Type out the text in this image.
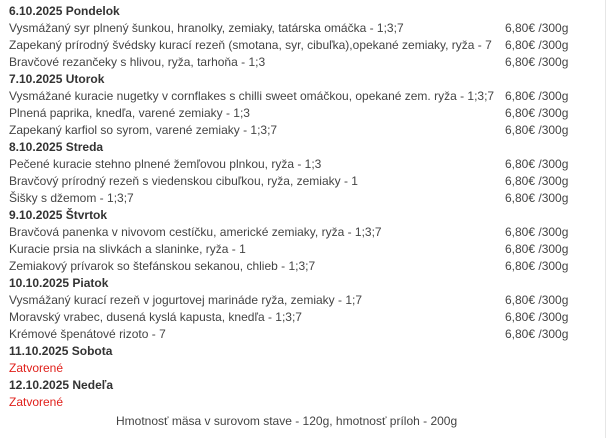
6.10.2025 Pondelok
Vysmážaný syr plnený šunkou, hranolky, zemiaky, tatárska omáčka - 1;3;7	6,80€ /300g
Zapekaný prírodný švédsky kurací rezeň (smotana, syr, cibuľka),opekané zemiaky, ryža - 7	6,80€ /300g
Bravčové rezančeky s hlivou, ryža, tarhoňa - 1;3	6,80€ /300g
7.10.2025 Utorok
Vysmážané kuracie nugetky v cornflakes s chilli sweet omáčkou, opekané zem. ryža - 1;3;7 6,80€ /300g
Plnená paprika, knedľa, varené zemiaky - 1;3	6,80€ /300g
Zapekaný karfiol so syrom, varené zemiaky - 1;3;7	6,80€ /300g
8.10.2025 Streda
Pečené kuracie stehno plnené žemľovou plnkou, ryža - 1;3	6,80€ /300g
Bravčový prírodný rezeň s viedenskou cibuľkou, ryža, zemiaky - 1	6,80€ /300g
Šišky s džemom - 1;3;7	6,80€ /300g
9.10.2025 Štvrtok
Bravčová panenka v nivovom cestíčku, americké zemiaky, ryža - 1;3;7	6,80€ /300g
Kuracie prsia na slivkách a slaninke, ryža - 1	6,80€ /300g
Zemiakový prívarok so štefánskou sekanou, chlieb - 1;3;7	6,80€ /300g
10.10.2025 Piatok
Vysmážaný kurací rezeň v jogurtovej marináde ryža, zemiaky - 1;7	6,80€ /300g
Moravský vrabec, dusená kyslá kapusta, knedľa - 1;3;7	6,80€ /300g
Krémové špenátové rizoto - 7	6,80€ /300g
11.10.2025 Sobota
Zatvorené
12.10.2025 Nedeľa
Zatvorené
Hmotnosť mäsa v surovom stave - 120g, hmotnosť príloh - 200g
